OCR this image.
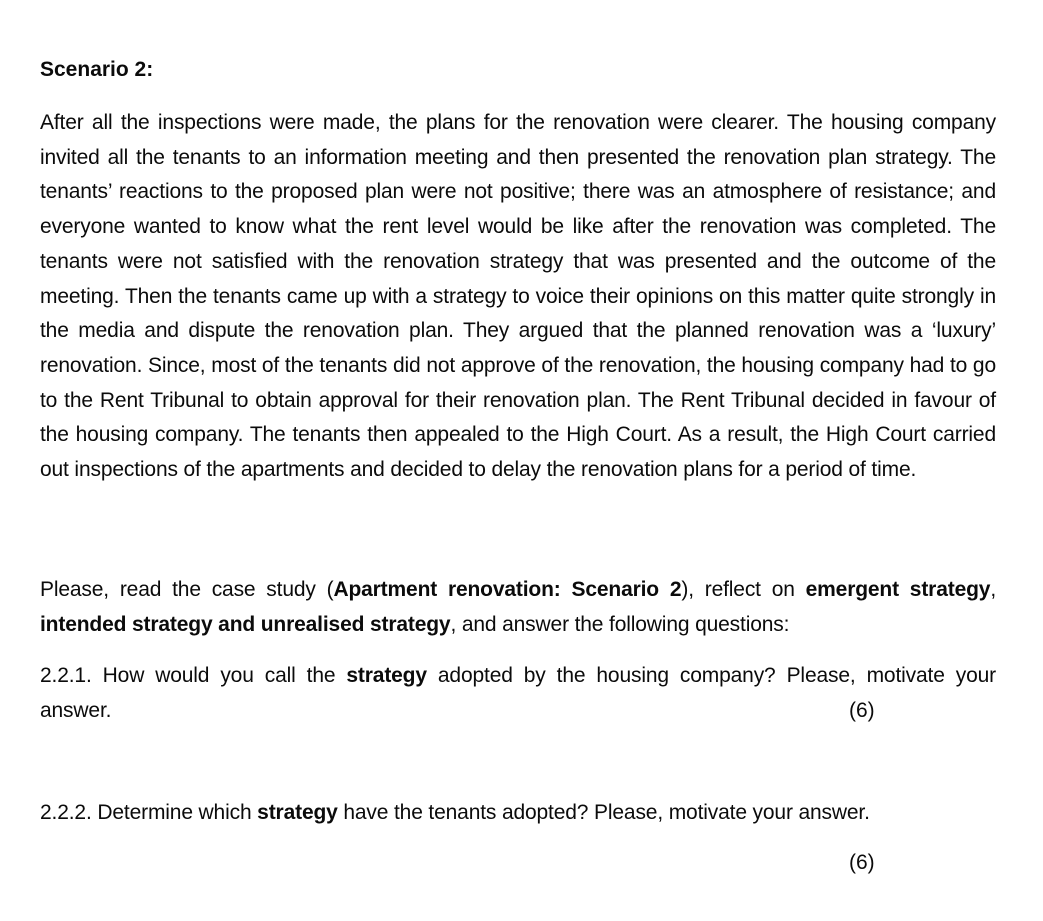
Scenario 2:

After all the inspections were made, the plans for the renovation were clearer. The housing company invited all the tenants to an information meeting and then presented the renovation plan strategy. The tenants’ reactions to the proposed plan were not positive; there was an atmosphere of resistance; and everyone wanted to know what the rent level would be like after the renovation was completed. The tenants were not satisfied with the renovation strategy that was presented and the outcome of the meeting. Then the tenants came up with a strategy to voice their opinions on this matter quite strongly in the media and dispute the renovation plan. They argued that the planned renovation was a ‘luxury’ renovation. Since, most of the tenants did not approve of the renovation, the housing company had to go to the Rent Tribunal to obtain approval for their renovation plan. The Rent Tribunal decided in favour of the housing company. The tenants then appealed to the High Court. As a result, the High Court carried out inspections of the apartments and decided to delay the renovation plans for a period of time.

Please, read the case study (Apartment renovation: Scenario 2), reflect on emergent strategy, intended strategy and unrealised strategy, and answer the following questions:

2.2.1. How would you call the strategy adopted by the housing company? Please, motivate your answer.	(6)

2.2.2. Determine which strategy have the tenants adopted? Please, motivate your answer.

(6)
